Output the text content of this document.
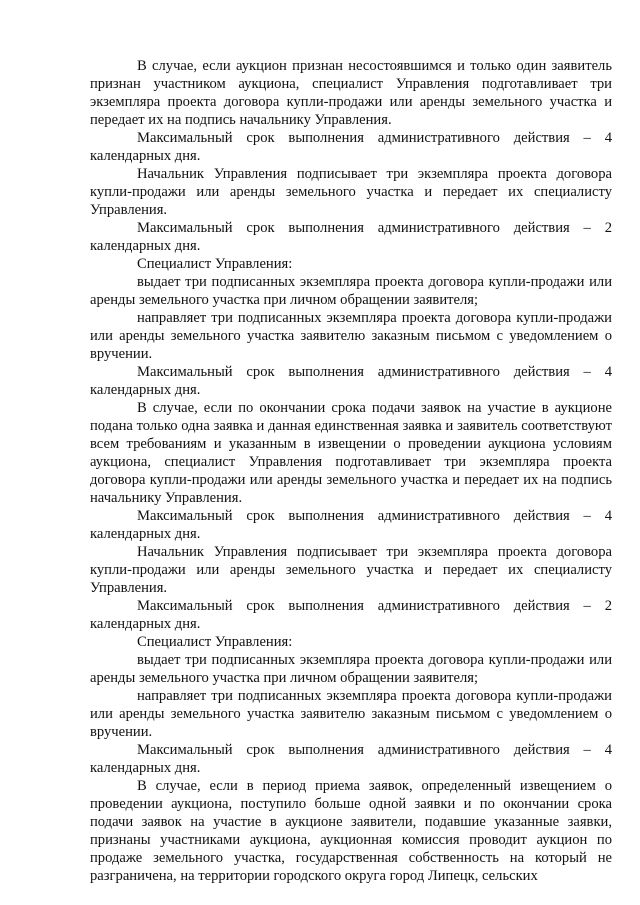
В случае, если аукцион признан несостоявшимся и только один заявитель признан участником аукциона, специалист Управления подготавливает три экземпляра проекта договора купли-продажи или аренды земельного участка и передает их на подпись начальнику Управления.

Максимальный срок выполнения административного действия – 4 календарных дня.

Начальник Управления подписывает три экземпляра проекта договора купли-продажи или аренды земельного участка и передает их специалисту Управления.

Максимальный срок выполнения административного действия – 2 календарных дня.

Специалист Управления:

выдает три подписанных экземпляра проекта договора купли-продажи или аренды земельного участка при личном обращении заявителя;

направляет три подписанных экземпляра проекта договора купли-продажи или аренды земельного участка заявителю заказным письмом с уведомлением о вручении.

Максимальный срок выполнения административного действия – 4 календарных дня.

В случае, если по окончании срока подачи заявок на участие в аукционе подана только одна заявка и данная единственная заявка и заявитель соответствуют всем требованиям и указанным в извещении о проведении аукциона условиям аукциона, специалист Управления подготавливает три экземпляра проекта договора купли-продажи или аренды земельного участка и передает их на подпись начальнику Управления.

Максимальный срок выполнения административного действия – 4 календарных дня.

Начальник Управления подписывает три экземпляра проекта договора купли-продажи или аренды земельного участка и передает их специалисту Управления.

Максимальный срок выполнения административного действия – 2 календарных дня.

Специалист Управления:

выдает три подписанных экземпляра проекта договора купли-продажи или аренды земельного участка при личном обращении заявителя;

направляет три подписанных экземпляра проекта договора купли-продажи или аренды земельного участка заявителю заказным письмом с уведомлением о вручении.

Максимальный срок выполнения административного действия – 4 календарных дня.

В случае, если в период приема заявок, определенный извещением о проведении аукциона, поступило больше одной заявки и по окончании срока подачи заявок на участие в аукционе заявители, подавшие указанные заявки, признаны участниками аукциона, аукционная комиссия проводит аукцион по продаже земельного участка, государственная собственность на который не разграничена, на территории городского округа город Липецк, сельских
